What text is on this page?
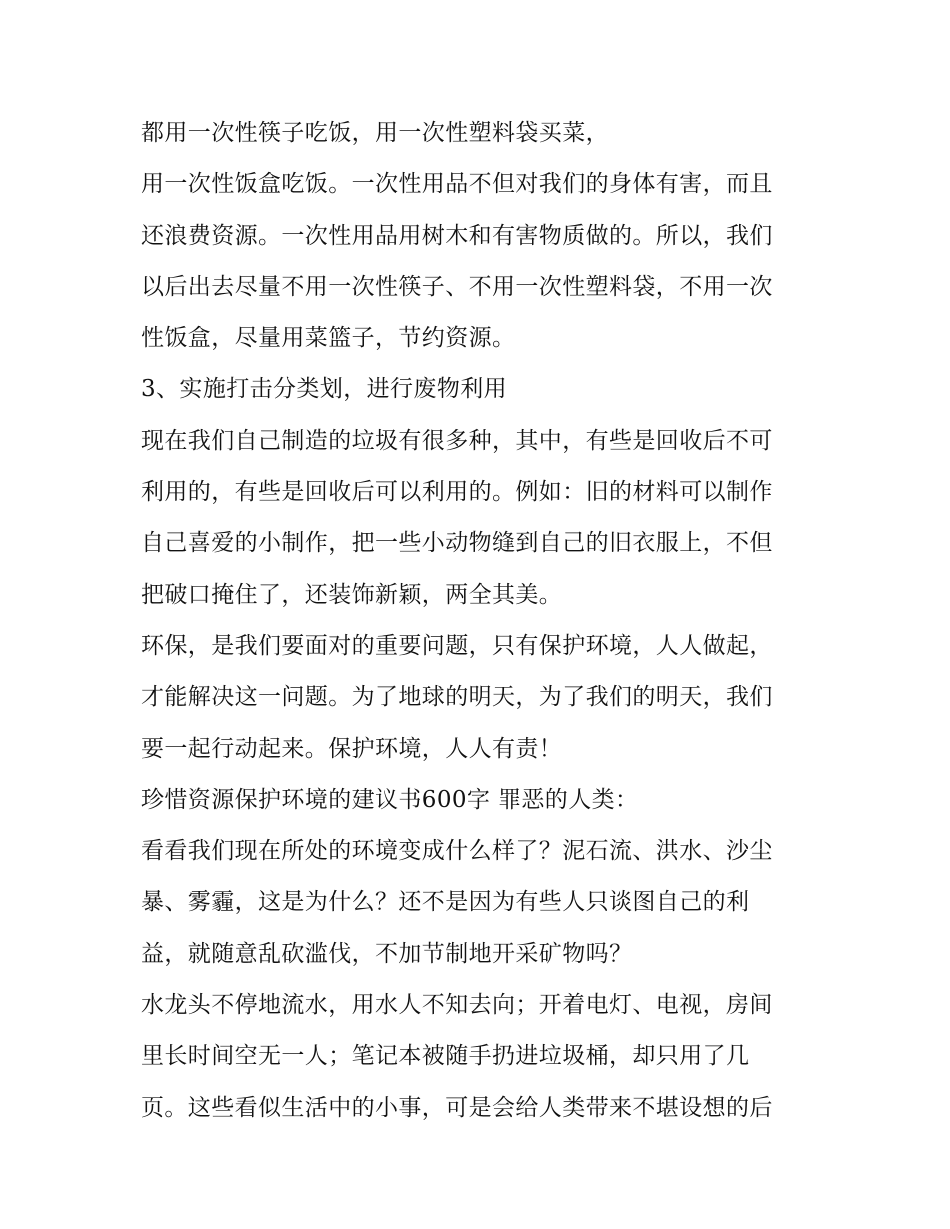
都用一次性筷子吃饭，用一次性塑料袋买菜，
用一次性饭盒吃饭。一次性用品不但对我们的身体有害，而且
还浪费资源。一次性用品用树木和有害物质做的。所以，我们
以后出去尽量不用一次性筷子、不用一次性塑料袋，不用一次
性饭盒，尽量用菜篮子，节约资源。
3、实施打击分类划，进行废物利用
现在我们自己制造的垃圾有很多种，其中，有些是回收后不可
利用的，有些是回收后可以利用的。例如：旧的材料可以制作
自己喜爱的小制作，把一些小动物缝到自己的旧衣服上，不但
把破口掩住了，还装饰新颖，两全其美。
环保，是我们要面对的重要问题，只有保护环境，人人做起，
才能解决这一问题。为了地球的明天，为了我们的明天，我们
要一起行动起来。保护环境，人人有责！
珍惜资源保护环境的建议书600字 罪恶的人类：
看看我们现在所处的环境变成什么样了？泥石流、洪水、沙尘
暴、雾霾，这是为什么？还不是因为有些人只谈图自己的利
益，就随意乱砍滥伐，不加节制地开采矿物吗？
水龙头不停地流水，用水人不知去向；开着电灯、电视，房间
里长时间空无一人；笔记本被随手扔进垃圾桶，却只用了几
页。这些看似生活中的小事，可是会给人类带来不堪设想的后
